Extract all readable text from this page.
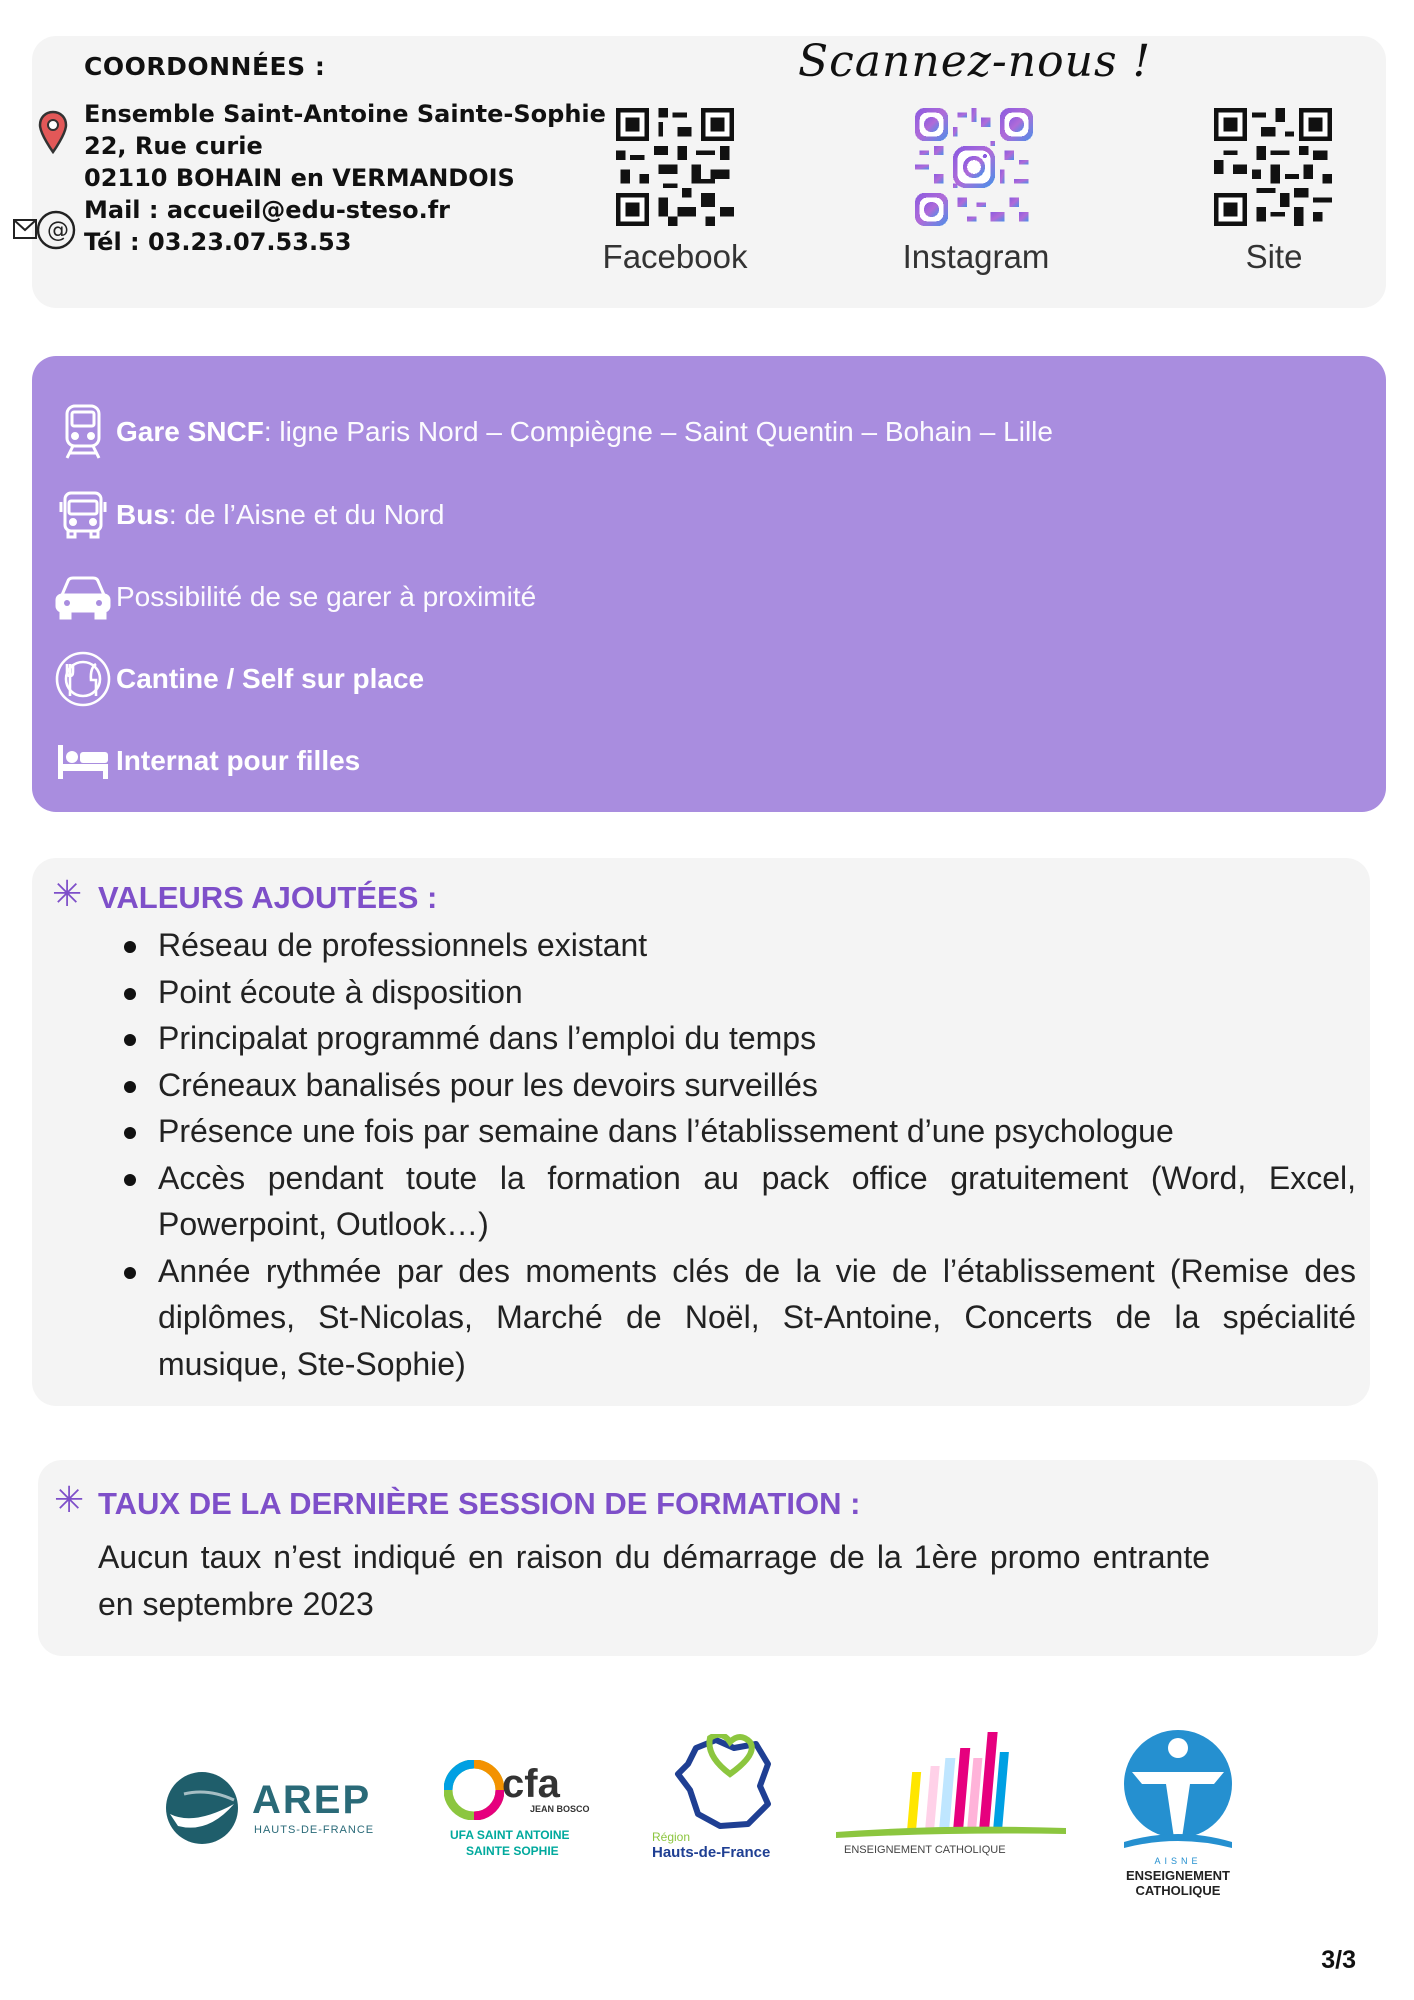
COORDONNÉES :
@
Ensemble Saint-Antoine Sainte-Sophie
22, Rue curie
02110 BOHAIN en VERMANDOIS
Mail : accueil@edu-steso.fr
Tél : 03.23.07.53.53
Scannez-nous !
Facebook	Instagram	Site
Gare SNCF : ligne Paris Nord – Compiègne – Saint Quentin – Bohain – Lille
Bus : de l’Aisne et du Nord
Possibilité de se garer à proximité
Cantine / Self sur place
Internat pour filles
✳ VALEURS AJOUTÉES :
Réseau de professionnels existant
Point écoute à disposition
Principalat programmé dans l’emploi du temps
Créneaux banalisés pour les devoirs surveillés
Présence une fois par semaine dans l’établissement d’une psychologue
Accès pendant toute la formation au pack office gratuitement (Word, Excel, Powerpoint, Outlook…)
Année rythmée par des moments clés de la vie de l’établissement (Remise des diplômes, St-Nicolas, Marché de Noël, St-Antoine, Concerts de la spécialité musique, Ste-Sophie)
✳ TAUX DE LA DERNIÈRE SESSION DE FORMATION :
Aucun taux n’est indiqué en raison du démarrage de la 1ère promo entrante en septembre 2023
AREP
HAUTS-DE-FRANCE
cfa
JEAN BOSCO
UFA SAINT ANTOINE
SAINTE SOPHIE
Région
Hauts-de-France	ENSEIGNEMENT CATHOLIQUE
AISNE
ENSEIGNEMENT
CATHOLIQUE
3/3
